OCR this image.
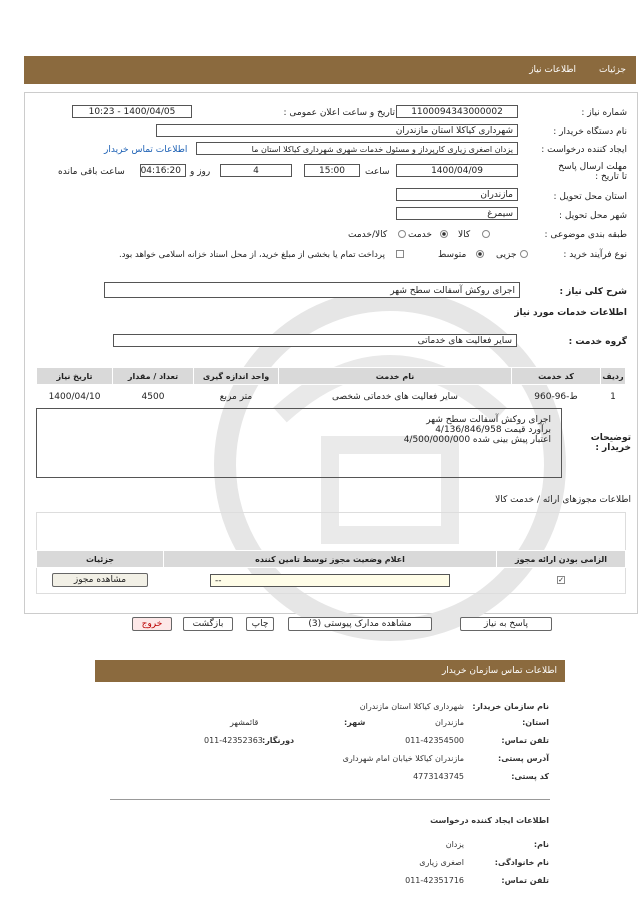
جزئیات
اطلاعات نیاز
شماره نیاز :
1100094343000002
تاریخ و ساعت اعلان عمومی :
1400/04/05 - 10:23
نام دستگاه خریدار :
شهرداری کیاکلا استان مازندران
ایجاد کننده درخواست :
یزدان اصغری زیاری کارپرداز و مسئول خدمات شهری شهرداری کیاکلا استان ما
اطلاعات تماس خریدار
مهلت ارسال پاسخ تا تاریخ :
1400/04/09
ساعت
15:00
4
روز و
04:16:20
ساعت باقی مانده
استان محل تحویل :
مازندران
شهر محل تحویل :
سیمرغ
طبقه بندی موضوعی :
کالا
خدمت
کالا/خدمت
نوع فرآیند خرید :
جزیی
متوسط
پرداخت تمام یا بخشی از مبلغ خرید، از محل اسناد خزانه اسلامی خواهد بود.
شرح کلی نیاز :
اجرای روکش آسفالت سطح شهر
اطلاعات خدمات مورد نیاز
گروه خدمت :
سایر فعالیت های خدماتی
ردیف	کد خدمت	نام خدمت	واحد اندازه گیری	تعداد / مقدار	تاریخ نیاز
1	ط-96-960	سایر فعالیت های خدماتی شخصی	متر مربع	4500	1400/04/10
توضیحات خریدار :
اجرای روکش آسفالت سطح شهر
برآورد قیمت 4/136/846/958
اعتبار پیش بینی شده 4/500/000/000
اطلاعات مجوزهای ارائه / خدمت کالا
الزامی بودن ارائه مجوز	اعلام وضعیت مجوز توسط تامین کننده	جزئیات
✓	--	مشاهده مجوز
پاسخ به نیاز
مشاهده مدارک پیوستی (3)
چاپ
بازگشت
خروج
اطلاعات تماس سازمان خریدار
نام سازمان خریدار:
شهرداری کیاکلا استان مازندران
استان:
مازندران
شهر:
قائمشهر
تلفن تماس:
011-42354500
دورنگار:
011-42352363
آدرس پستی:
مازندران کیاکلا خیابان امام شهرداری
کد پستی:
4773143745
اطلاعات ایجاد کننده درخواست
نام:
یزدان
نام خانوادگی:
اصغری زیاری
تلفن تماس:
011-42351716
